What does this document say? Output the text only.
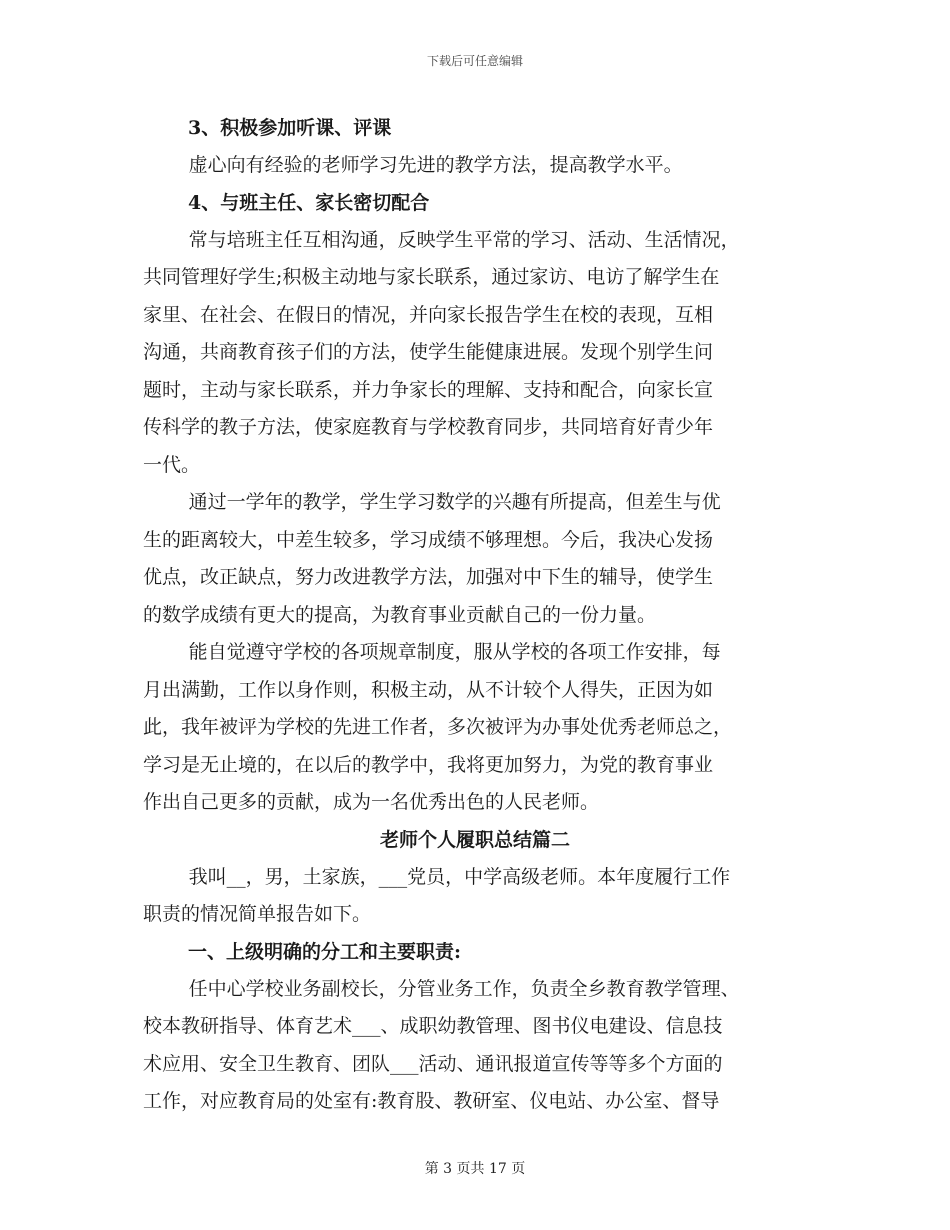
下载后可任意编辑

3、积极参加听课、评课

虚心向有经验的老师学习先进的教学方法，提高教学水平。

4、与班主任、家长密切配合

常与培班主任互相沟通，反映学生平常的学习、活动、生活情况，
共同管理好学生;积极主动地与家长联系，通过家访、电访了解学生在
家里、在社会、在假日的情况，并向家长报告学生在校的表现，互相
沟通，共商教育孩子们的方法，使学生能健康进展。发现个别学生问
题时，主动与家长联系，并力争家长的理解、支持和配合，向家长宣
传科学的教子方法，使家庭教育与学校教育同步，共同培育好青少年
一代。

通过一学年的教学，学生学习数学的兴趣有所提高，但差生与优
生的距离较大，中差生较多，学习成绩不够理想。今后，我决心发扬
优点，改正缺点，努力改进教学方法，加强对中下生的辅导，使学生
的数学成绩有更大的提高，为教育事业贡献自己的一份力量。

能自觉遵守学校的各项规章制度，服从学校的各项工作安排，每
月出满勤，工作以身作则，积极主动，从不计较个人得失，正因为如
此，我年被评为学校的先进工作者，多次被评为办事处优秀老师总之，
学习是无止境的，在以后的教学中，我将更加努力，为党的教育事业
作出自己更多的贡献，成为一名优秀出色的人民老师。

老师个人履职总结篇二

我叫__，男，土家族，___党员，中学高级老师。本年度履行工作
职责的情况简单报告如下。

一、上级明确的分工和主要职责:

任中心学校业务副校长，分管业务工作，负责全乡教育教学管理、
校本教研指导、体育艺术___、成职幼教管理、图书仪电建设、信息技
术应用、安全卫生教育、团队___活动、通讯报道宣传等等多个方面的
工作，对应教育局的处室有:教育股、教研室、仪电站、办公室、督导

第 3 页共 17 页
